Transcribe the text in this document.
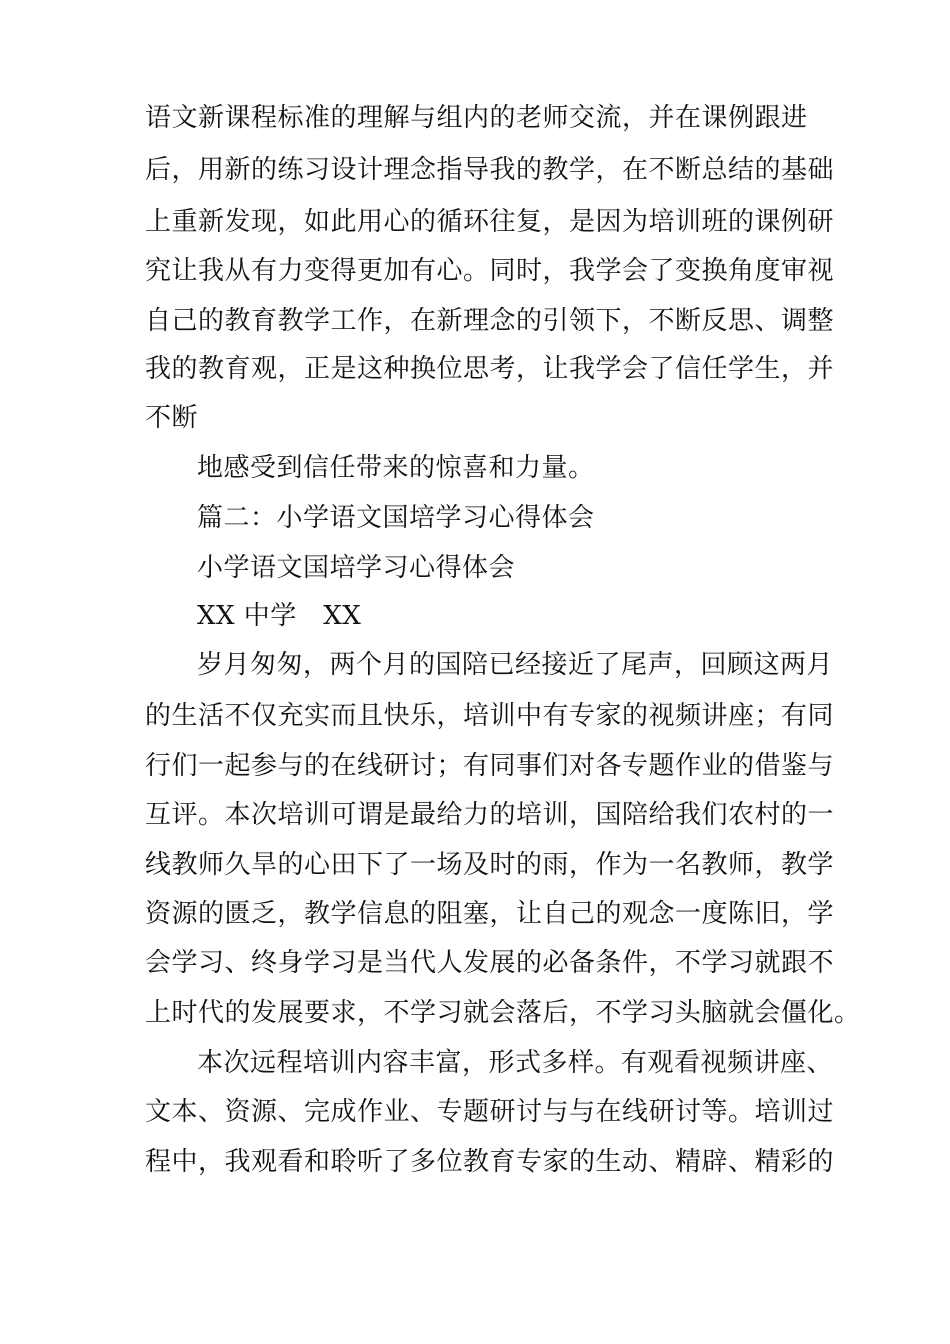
语文新课程标准的理解与组内的老师交流，并在课例跟进

后，用新的练习设计理念指导我的教学，在不断总结的基础

上重新发现，如此用心的循环往复，是因为培训班的课例研

究让我从有力变得更加有心。同时，我学会了变换角度审视

自己的教育教学工作，在新理念的引领下，不断反思、调整

我的教育观，正是这种换位思考，让我学会了信任学生，并

不断

地感受到信任带来的惊喜和力量。

篇二：小学语文国培学习心得体会

小学语文国培学习心得体会

XX 中学　XX

岁月匆匆，两个月的国陪已经接近了尾声，回顾这两月

的生活不仅充实而且快乐，培训中有专家的视频讲座；有同

行们一起参与的在线研讨；有同事们对各专题作业的借鉴与

互评。本次培训可谓是最给力的培训，国陪给我们农村的一

线教师久旱的心田下了一场及时的雨，作为一名教师，教学

资源的匮乏，教学信息的阻塞，让自己的观念一度陈旧，学

会学习、终身学习是当代人发展的必备条件，不学习就跟不

上时代的发展要求，不学习就会落后，不学习头脑就会僵化。

本次远程培训内容丰富，形式多样。有观看视频讲座、

文本、资源、完成作业、专题研讨与与在线研讨等。培训过

程中，我观看和聆听了多位教育专家的生动、精辟、精彩的
